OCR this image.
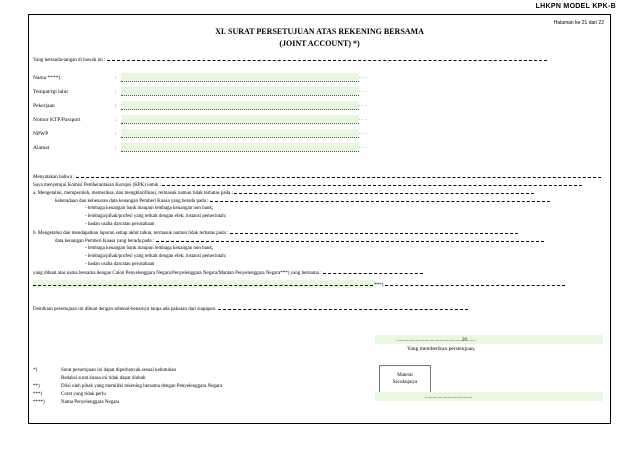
LHKPN MODEL KPK-B
Halaman ke 21 dari 22
XI. SURAT PERSETUJUAN ATAS REKENING BERSAMA
(JOINT ACCOUNT) *)
Yang bertanda-tangan di bawah ini :
Nama ****)	:	...
Tempat/tgl lahir	:	...
Pekerjaan	:	...
Nomor KTP/Passport	:	...
NPWP	:	...
Alamat	:	...
Menyatakan bahwa :
Saya menyetujui Komisi Pemberantasan Korupsi (KPK) untuk :
a. Mengetahui, memperoleh, memeriksa, dan mengklarifikasi, termasuk namun tidak terbatas pada :
keberadaan dan kebenaran data keuangan Pemberi Kuasa yang berada pada :
- lembaga keuangan bank maupun lembaga keuangan non bank;
- lembaga/pihak/profesi yang terkait dengan efek; instansi pemerintah;
- badan usaha dan/atau perusahaan
b. Mengetahui dan mendapatkan laporan setiap akhir tahun, termasuk namun tidak terbatas pada :
data keuangan Pemberi Kuasa yang berada pada :
- lembaga keuangan bank maupun lembaga keuangan non bank;
- lembaga/pihak/profesi yang terkait dengan efek; instansi pemerintah;
- badan usaha dan/atau perusahaan
yang dibuat atas nama bersama dengan Calon Penyelenggara Negara/Penyelenggara Negara/Mantan Penyelenggara Negara***) yang bernama :
***)
Demikian persetujuan ini dibuat dengan sebenar-benarnya tanpa ada paksaan dari siapapun.
....................................................20.......
Yang memberikan persetujuan,
Materai
Secukupnya
......................................
*)	Surat persetujuan ini dapat diperbanyak sesuai kebutuhan
Redaksi surat kuasa ini tidak dapat diubah
**)	Diisi oleh pihak yang memiliki rekening bersama dengan Penyelenggara Negara
***)	Coret yang tidak perlu
****)	Nama Penyelenggara Negara
